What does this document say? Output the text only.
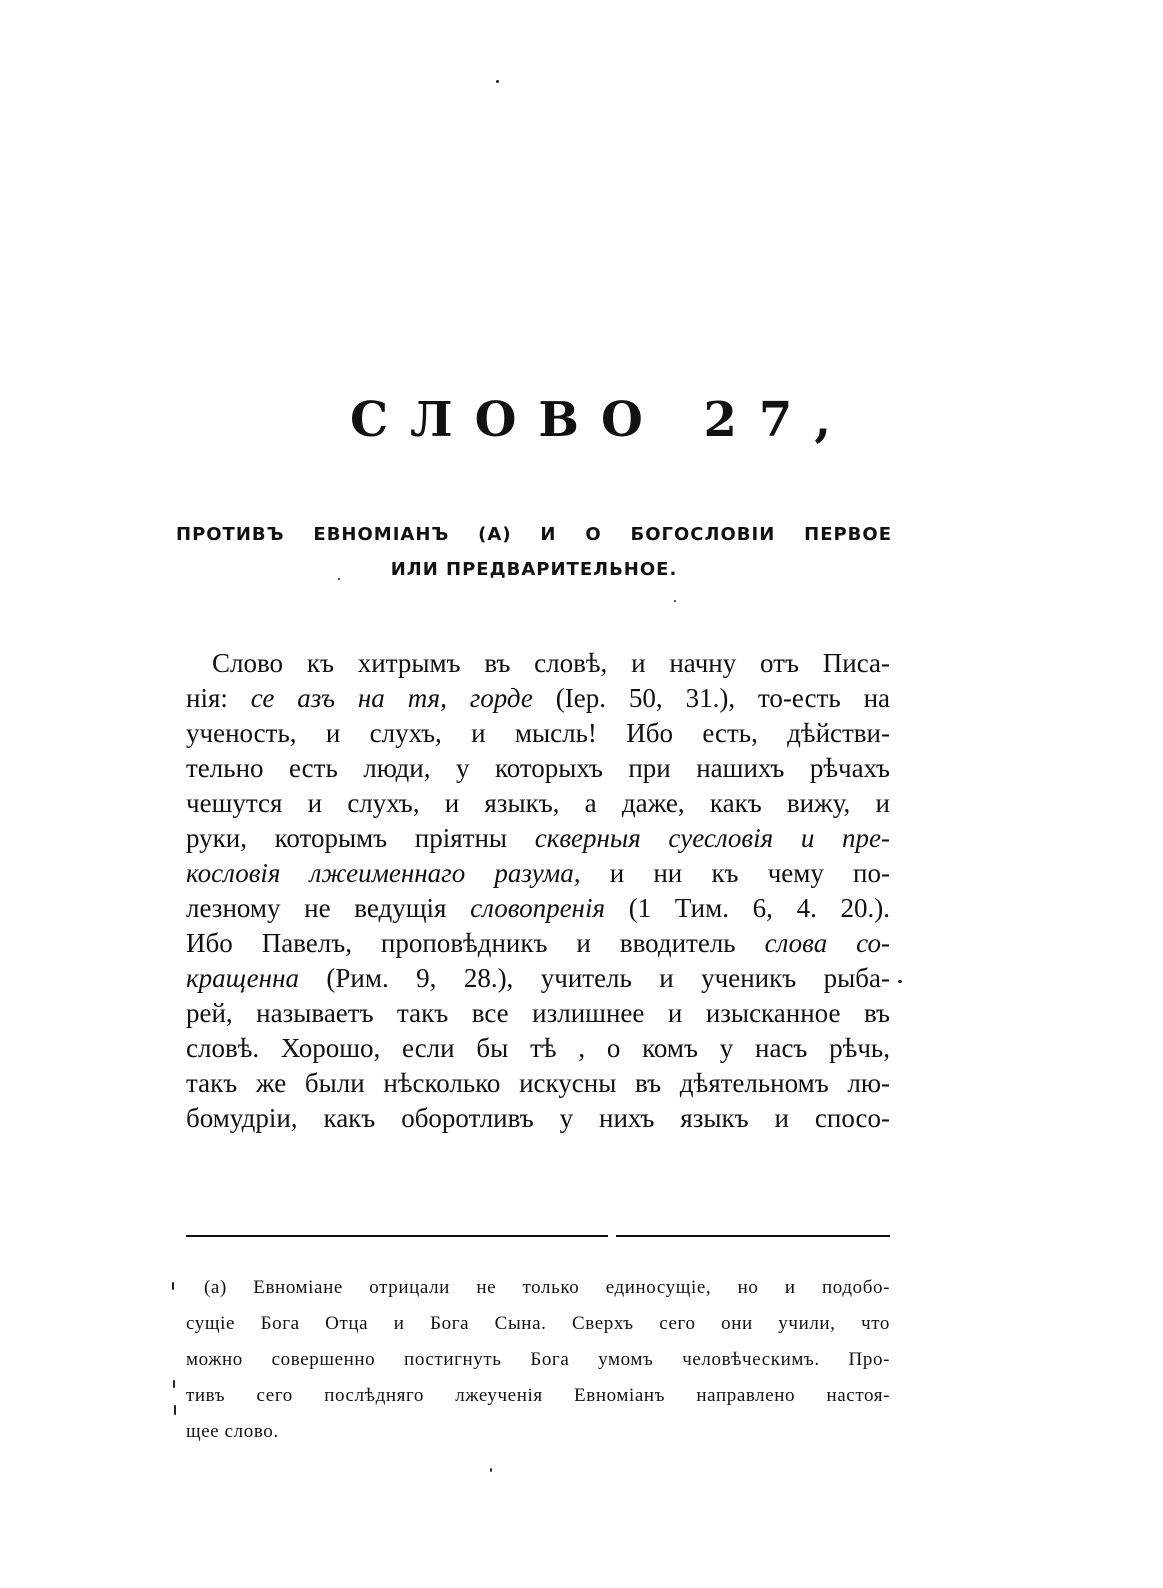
СЛОВО 27,

ПРОТИВЪ ЕВНОМІАНЪ (А) И О БОГОСЛОВІИ ПЕРВОЕ

ИЛИ ПРЕДВАРИТЕЛЬНОЕ.

Слово къ хитрымъ въ словѣ, и начну отъ Писа-

нія: се азъ на тя, горде (Іер. 50, 31.), то-есть на

ученость, и слухъ, и мысль! Ибо есть, дѣйстви-

тельно есть люди, у которыхъ при нашихъ рѣчахъ

чешутся и слухъ, и языкъ, а даже, какъ вижу, и

руки, которымъ пріятны скверныя суесловія и пре-

кословія лжеименнаго разума, и ни къ чему по-

лезному не ведущія словопренія (1 Тим. 6, 4. 20.).

Ибо Павелъ, проповѣдникъ и вводитель слова со-

кращенна (Рим. 9, 28.), учитель и ученикъ рыба-

рей, называетъ такъ все излишнее и изысканное въ

словѣ. Хорошо, если бы тѣ , о комъ у насъ рѣчь,

такъ же были нѣсколько искусны въ дѣятельномъ лю-

бомудріи, какъ оборотливъ у нихъ языкъ и спосо-

(а) Евноміане отрицали не только единосущіе, но и подобо-

сущіе Бога Отца и Бога Сына. Сверхъ сего они учили, что

можно совершенно постигнуть Бога умомъ человѣческимъ. Про-

тивъ сего послѣдняго лжеученія Евноміанъ направлено настоя-

щее слово.
